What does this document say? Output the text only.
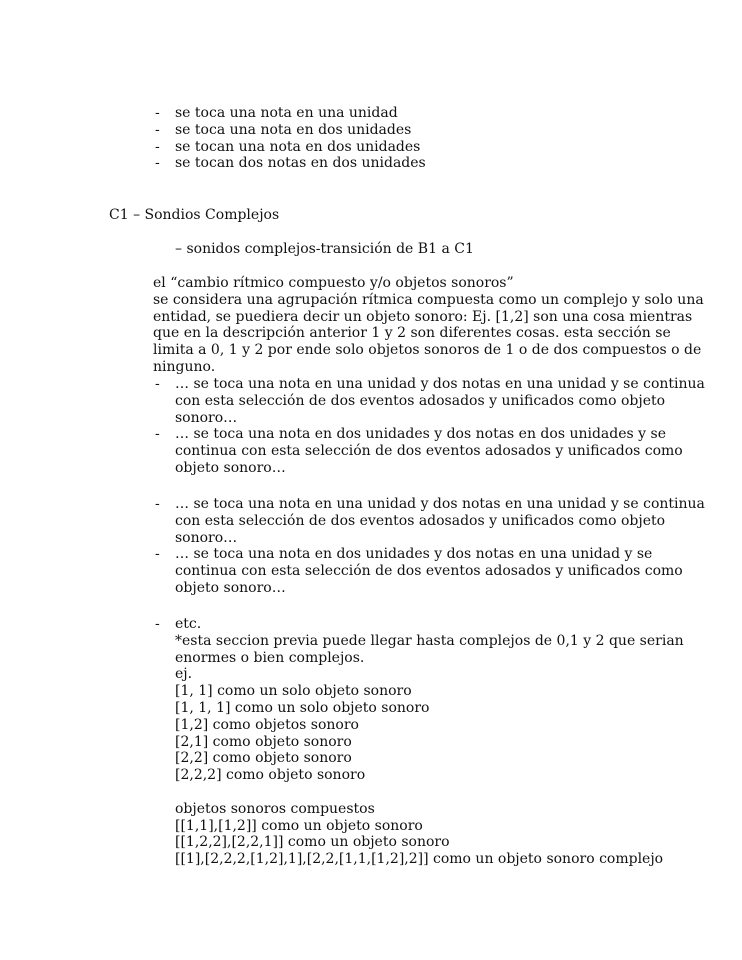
- se toca una nota en una unidad
- se toca una nota en dos unidades
- se tocan una nota en dos unidades
- se tocan dos notas en dos unidades
C1 – Sondios Complejos
– sonidos complejos-transición de B1 a C1
el “cambio rítmico compuesto y/o objetos sonoros”
se considera una agrupación rítmica compuesta como un complejo y solo una
entidad, se puediera decir un objeto sonoro: Ej. [1,2] son una cosa mientras
que en la descripción anterior 1 y 2 son diferentes cosas. esta sección se
limita a 0, 1 y 2 por ende solo objetos sonoros de 1 o de dos compuestos o de
ninguno.
- … se toca una nota en una unidad y dos notas en una unidad y se continua
con esta selección de dos eventos adosados y unificados como objeto
sonoro…
- … se toca una nota en dos unidades y dos notas en dos unidades y se
continua con esta selección de dos eventos adosados y unificados como
objeto sonoro…
- … se toca una nota en una unidad y dos notas en una unidad y se continua
con esta selección de dos eventos adosados y unificados como objeto
sonoro…
- … se toca una nota en dos unidades y dos notas en una unidad y se
continua con esta selección de dos eventos adosados y unificados como
objeto sonoro…
- etc.
*esta seccion previa puede llegar hasta complejos de 0,1 y 2 que serian
enormes o bien complejos.
ej.
[1, 1] como un solo objeto sonoro
[1, 1, 1] como un solo objeto sonoro
[1,2] como objetos sonoro
[2,1] como objeto sonoro
[2,2] como objeto sonoro
[2,2,2] como objeto sonoro
objetos sonoros compuestos
[[1,1],[1,2]] como un objeto sonoro
[[1,2,2],[2,2,1]] como un objeto sonoro
[[1],[2,2,2,[1,2],1],[2,2,[1,1,[1,2],2]] como un objeto sonoro complejo
